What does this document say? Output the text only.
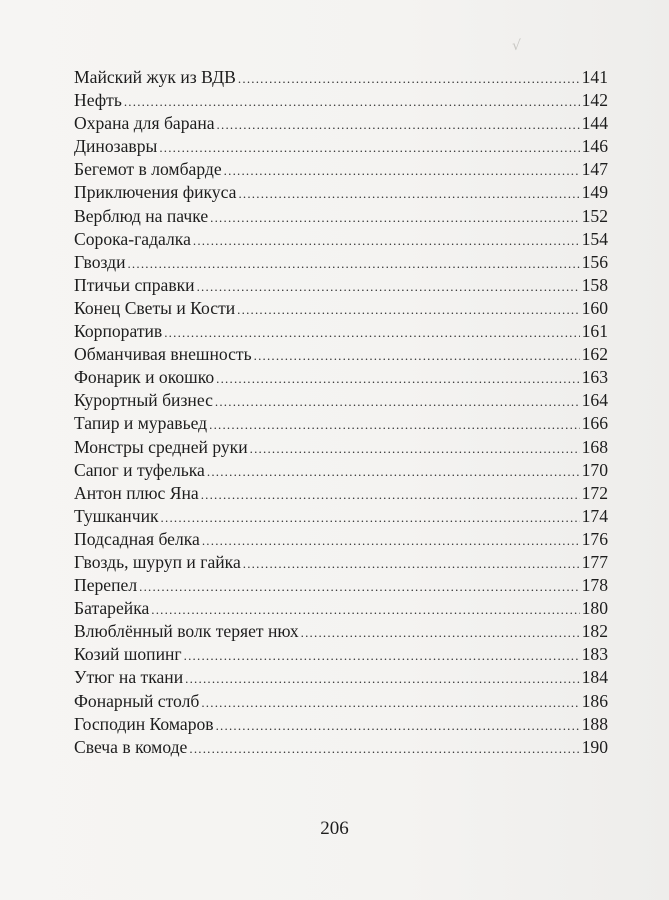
√
Майский жук из ВДВ .....	141
Нефть .....	142
Охрана для барана .....	144
Динозавры .....	146
Бегемот в ломбарде .....	147
Приключения фикуса .....	149
Верблюд на пачке .....	152
Сорока-гадалка .....	154
Гвозди .....	156
Птичьи справки .....	158
Конец Светы и Кости .....	160
Корпоратив .....	161
Обманчивая внешность .....	162
Фонарик и окошко .....	163
Курортный бизнес .....	164
Тапир и муравьед .....	166
Монстры средней руки .....	168
Сапог и туфелька .....	170
Антон плюс Яна .....	172
Тушканчик .....	174
Подсадная белка .....	176
Гвоздь, шуруп и гайка .....	177
Перепел .....	178
Батарейка .....	180
Влюблённый волк теряет нюх .....	182
Козий шопинг .....	183
Утюг на ткани .....	184
Фонарный столб .....	186
Господин Комаров .....	188
Свеча в комоде .....	190
206
